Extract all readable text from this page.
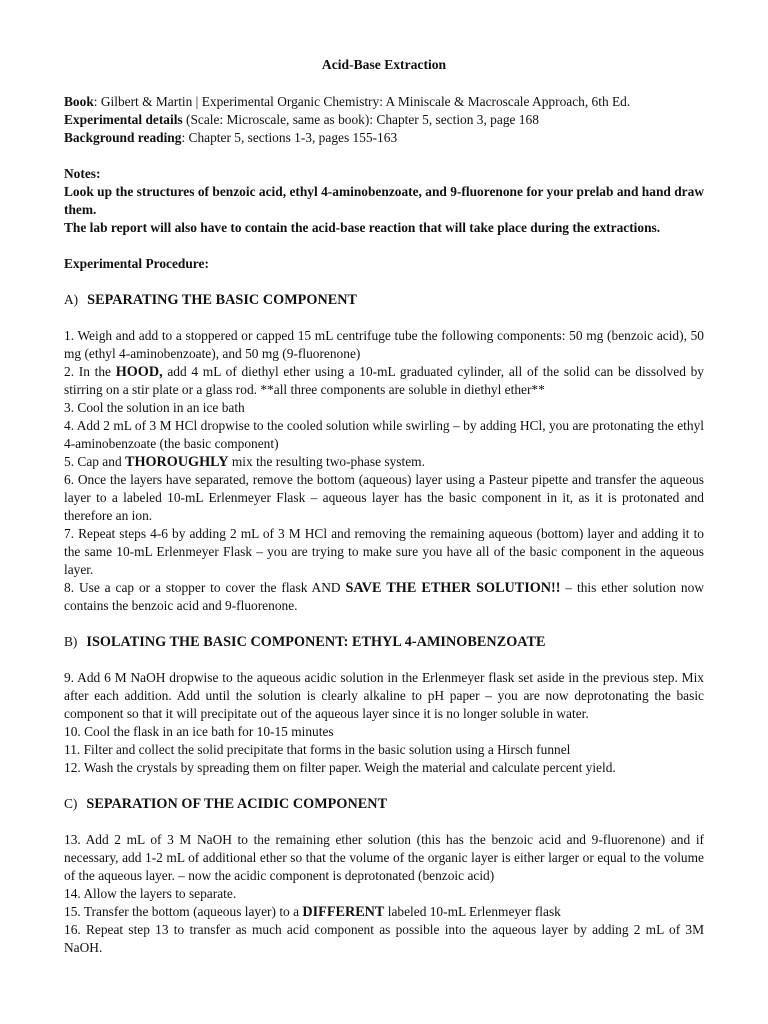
Acid-Base Extraction

Book: Gilbert & Martin | Experimental Organic Chemistry: A Miniscale & Macroscale Approach, 6th Ed.

Experimental details (Scale: Microscale, same as book): Chapter 5, section 3, page 168

Background reading: Chapter 5, sections 1-3, pages 155-163

Notes:

Look up the structures of benzoic acid, ethyl 4-aminobenzoate, and 9-fluorenone for your prelab and hand draw them.

The lab report will also have to contain the acid-base reaction that will take place during the extractions.

Experimental Procedure:

A) SEPARATING THE BASIC COMPONENT

1. Weigh and add to a stoppered or capped 15 mL centrifuge tube the following components: 50 mg (benzoic acid), 50 mg (ethyl 4-aminobenzoate), and 50 mg (9-fluorenone)

2. In the HOOD, add 4 mL of diethyl ether using a 10-mL graduated cylinder, all of the solid can be dissolved by stirring on a stir plate or a glass rod. **all three components are soluble in diethyl ether**

3. Cool the solution in an ice bath

4. Add 2 mL of 3 M HCl dropwise to the cooled solution while swirling – by adding HCl, you are protonating the ethyl 4-aminobenzoate (the basic component)

5. Cap and THOROUGHLY mix the resulting two-phase system.

6. Once the layers have separated, remove the bottom (aqueous) layer using a Pasteur pipette and transfer the aqueous layer to a labeled 10-mL Erlenmeyer Flask – aqueous layer has the basic component in it, as it is protonated and therefore an ion.

7. Repeat steps 4-6 by adding 2 mL of 3 M HCl and removing the remaining aqueous (bottom) layer and adding it to the same 10-mL Erlenmeyer Flask – you are trying to make sure you have all of the basic component in the aqueous layer.

8. Use a cap or a stopper to cover the flask AND SAVE THE ETHER SOLUTION!! – this ether solution now contains the benzoic acid and 9-fluorenone.

B) ISOLATING THE BASIC COMPONENT: ETHYL 4-AMINOBENZOATE

9. Add 6 M NaOH dropwise to the aqueous acidic solution in the Erlenmeyer flask set aside in the previous step. Mix after each addition. Add until the solution is clearly alkaline to pH paper – you are now deprotonating the basic component so that it will precipitate out of the aqueous layer since it is no longer soluble in water.

10. Cool the flask in an ice bath for 10-15 minutes

11. Filter and collect the solid precipitate that forms in the basic solution using a Hirsch funnel

12. Wash the crystals by spreading them on filter paper. Weigh the material and calculate percent yield.

C) SEPARATION OF THE ACIDIC COMPONENT

13. Add 2 mL of 3 M NaOH to the remaining ether solution (this has the benzoic acid and 9-fluorenone) and if necessary, add 1-2 mL of additional ether so that the volume of the organic layer is either larger or equal to the volume of the aqueous layer. – now the acidic component is deprotonated (benzoic acid)

14. Allow the layers to separate.

15. Transfer the bottom (aqueous layer) to a DIFFERENT labeled 10-mL Erlenmeyer flask

16. Repeat step 13 to transfer as much acid component as possible into the aqueous layer by adding 2 mL of 3M NaOH.
